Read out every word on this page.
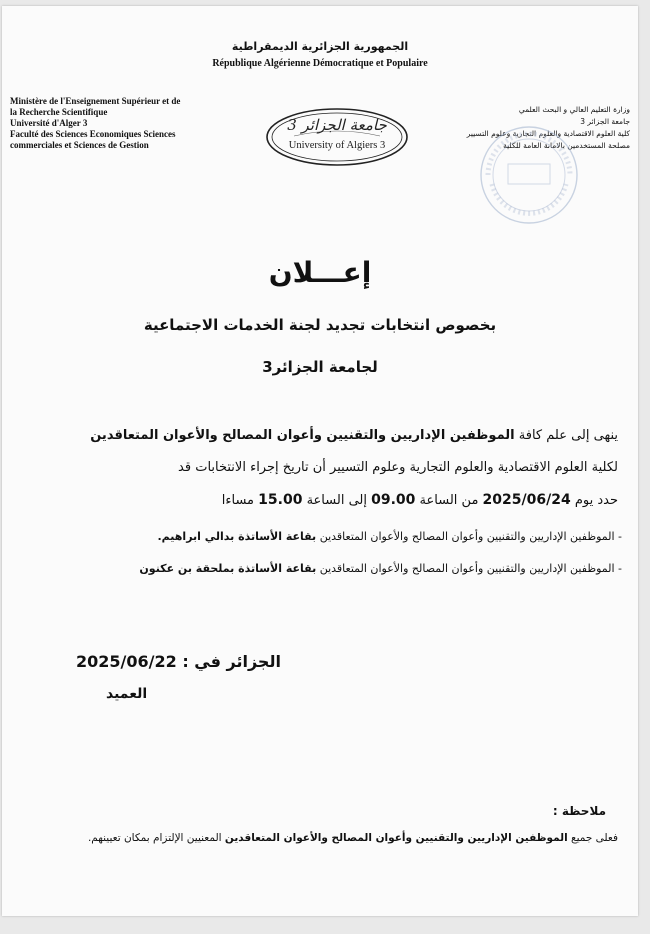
الجمهورية الجزائرية الديمقراطية
République Algérienne Démocratique et Populaire
Ministère de l'Enseignement Supérieur et de
la Recherche Scientifique
Université d'Alger 3
Faculté des Sciences Economiques Sciences
commerciales et Sciences de Gestion
جامعة الجزائر 3
University of Algiers 3
وزارة التعليم العالي و البحث العلمي
جامعة الجزائر 3
كلية العلوم الاقتصادية والعلوم التجارية وعلوم التسيير
مصلحة المستخدمين بالامانة العامة للكلية
إعـــلان
بخصوص انتخابات تجديد لجنة الخدمات الاجتماعية
لجامعة الجزائر3
ينهى إلى علم كافة الموظفين الإداريين والتقنيين وأعوان المصالح والأعوان المتعاقدين
لكلية العلوم الاقتصادية والعلوم التجارية وعلوم التسيير أن تاريخ إجراء الانتخابات قد
حدد يوم 2025/06/24 من الساعة 09.00 إلى الساعة 15.00 مساءا
- الموظفين الإداريين والتقنيين وأعوان المصالح والأعوان المتعاقدين بقاعة الأساتذة بدالي ابراهيم.
- الموظفين الإداريين والتقنيين وأعوان المصالح والأعوان المتعاقدين بقاعة الأساتذة بملحقة بن عكنون
الجزائر في : 2025/06/22
العميد
ملاحظة :
فعلى جميع الموظفين الإداريين والتقنيين وأعوان المصالح والأعوان المتعاقدين المعنيين الإلتزام بمكان تعيينهم.
